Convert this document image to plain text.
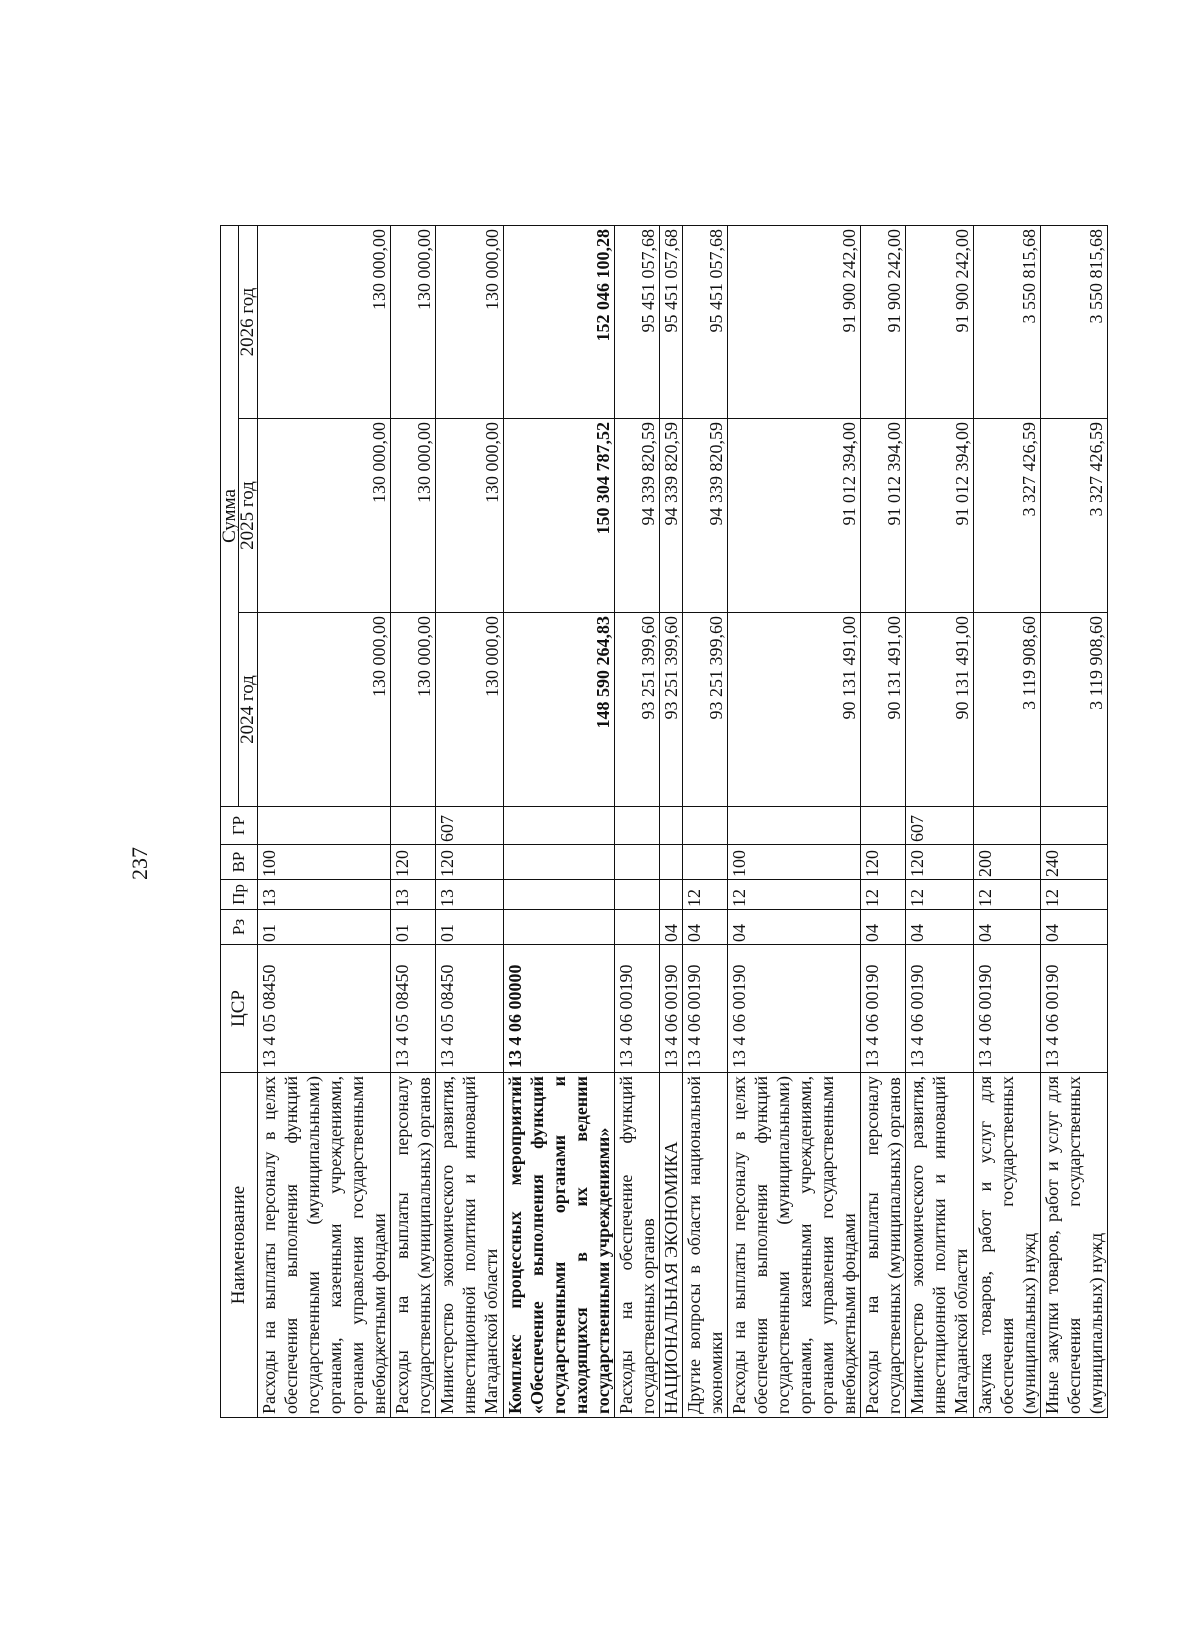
237
Наименование	ЦСР	Рз	Пр	ВР	ГР	Сумма		
						2024 год	2025 год	2026 год
Расходы на выплаты персоналу в целях обеспечения выполнения функций государственными (муниципальными) органами, казенными учреждениями, органами управления государственными внебюджетными фондами	13 4 05 08450	01	13	100		130 000,00	130 000,00	130 000,00
Расходы на выплаты персоналу государственных (муниципальных) органов	13 4 05 08450	01	13	120		130 000,00	130 000,00	130 000,00
Министерство экономического развития, инвестиционной политики и инноваций Магаданской области	13 4 05 08450	01	13	120	607	130 000,00	130 000,00	130 000,00
Комплекс процессных мероприятий «Обеспечение выполнения функций государственными органами и находящихся в их ведении государственными учреждениями»	13 4 06 00000					148 590 264,83	150 304 787,52	152 046 100,28
Расходы на обеспечение функций государственных органов	13 4 06 00190					93 251 399,60	94 339 820,59	95 451 057,68
НАЦИОНАЛЬНАЯ ЭКОНОМИКА	13 4 06 00190	04				93 251 399,60	94 339 820,59	95 451 057,68
Другие вопросы в области национальной экономики	13 4 06 00190	04	12			93 251 399,60	94 339 820,59	95 451 057,68
Расходы на выплаты персоналу в целях обеспечения выполнения функций государственными (муниципальными) органами, казенными учреждениями, органами управления государственными внебюджетными фондами	13 4 06 00190	04	12	100		90 131 491,00	91 012 394,00	91 900 242,00
Расходы на выплаты персоналу государственных (муниципальных) органов	13 4 06 00190	04	12	120		90 131 491,00	91 012 394,00	91 900 242,00
Министерство экономического развития, инвестиционной политики и инноваций Магаданской области	13 4 06 00190	04	12	120	607	90 131 491,00	91 012 394,00	91 900 242,00
Закупка товаров, работ и услуг для обеспечения государственных (муниципальных) нужд	13 4 06 00190	04	12	200		3 119 908,60	3 327 426,59	3 550 815,68
Иные закупки товаров, работ и услуг для обеспечения государственных (муниципальных) нужд	13 4 06 00190	04	12	240		3 119 908,60	3 327 426,59	3 550 815,68
